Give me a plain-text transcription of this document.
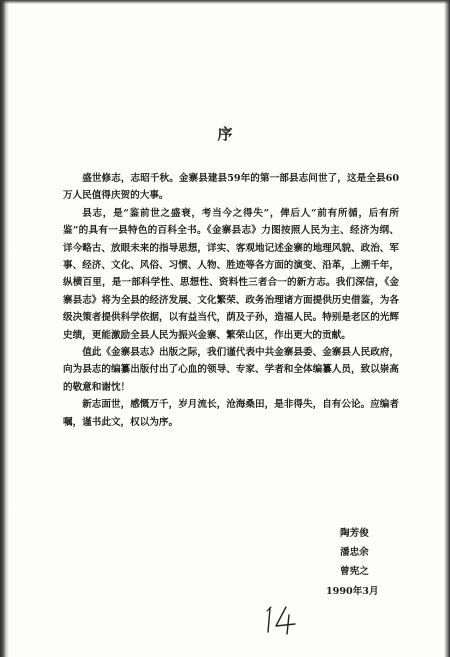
序

盛世修志，志昭千秋。金寨县建县59年的第一部县志问世了，这是全县60万人民值得庆贺的大事。

县志，是“鉴前世之盛衰，考当今之得失”，俾后人“前有所循，后有所鉴”的具有一县特色的百科全书。《金寨县志》力图按照人民为主、经济为纲、详今略古、放眼未来的指导思想，详实、客观地记述金寨的地理风貌、政治、军事、经济、文化、风俗、习惯、人物、胜迹等各方面的演变、沿革，上溯千年，纵横百里，是一部科学性、思想性、资料性三者合一的新方志。我们深信，《金寨县志》将为全县的经济发展、文化繁荣、政务治理诸方面提供历史借鉴，为各级决策者提供科学依据，以有益当代，荫及子孙，造福人民。特别是老区的光辉史绩，更能激励全县人民为振兴金寨、繁荣山区，作出更大的贡献。

值此《金寨县志》出版之际，我们谨代表中共金寨县委、金寨县人民政府，向为县志的编纂出版付出了心血的领导、专家、学者和全体编纂人员，致以崇高的敬意和谢忱！

新志面世，感慨万千，岁月流长，沧海桑田，是非得失，自有公论。应编者嘱，谨书此文，权以为序。

陶芳俊
潘忠余
曾宪之
1990年3月
